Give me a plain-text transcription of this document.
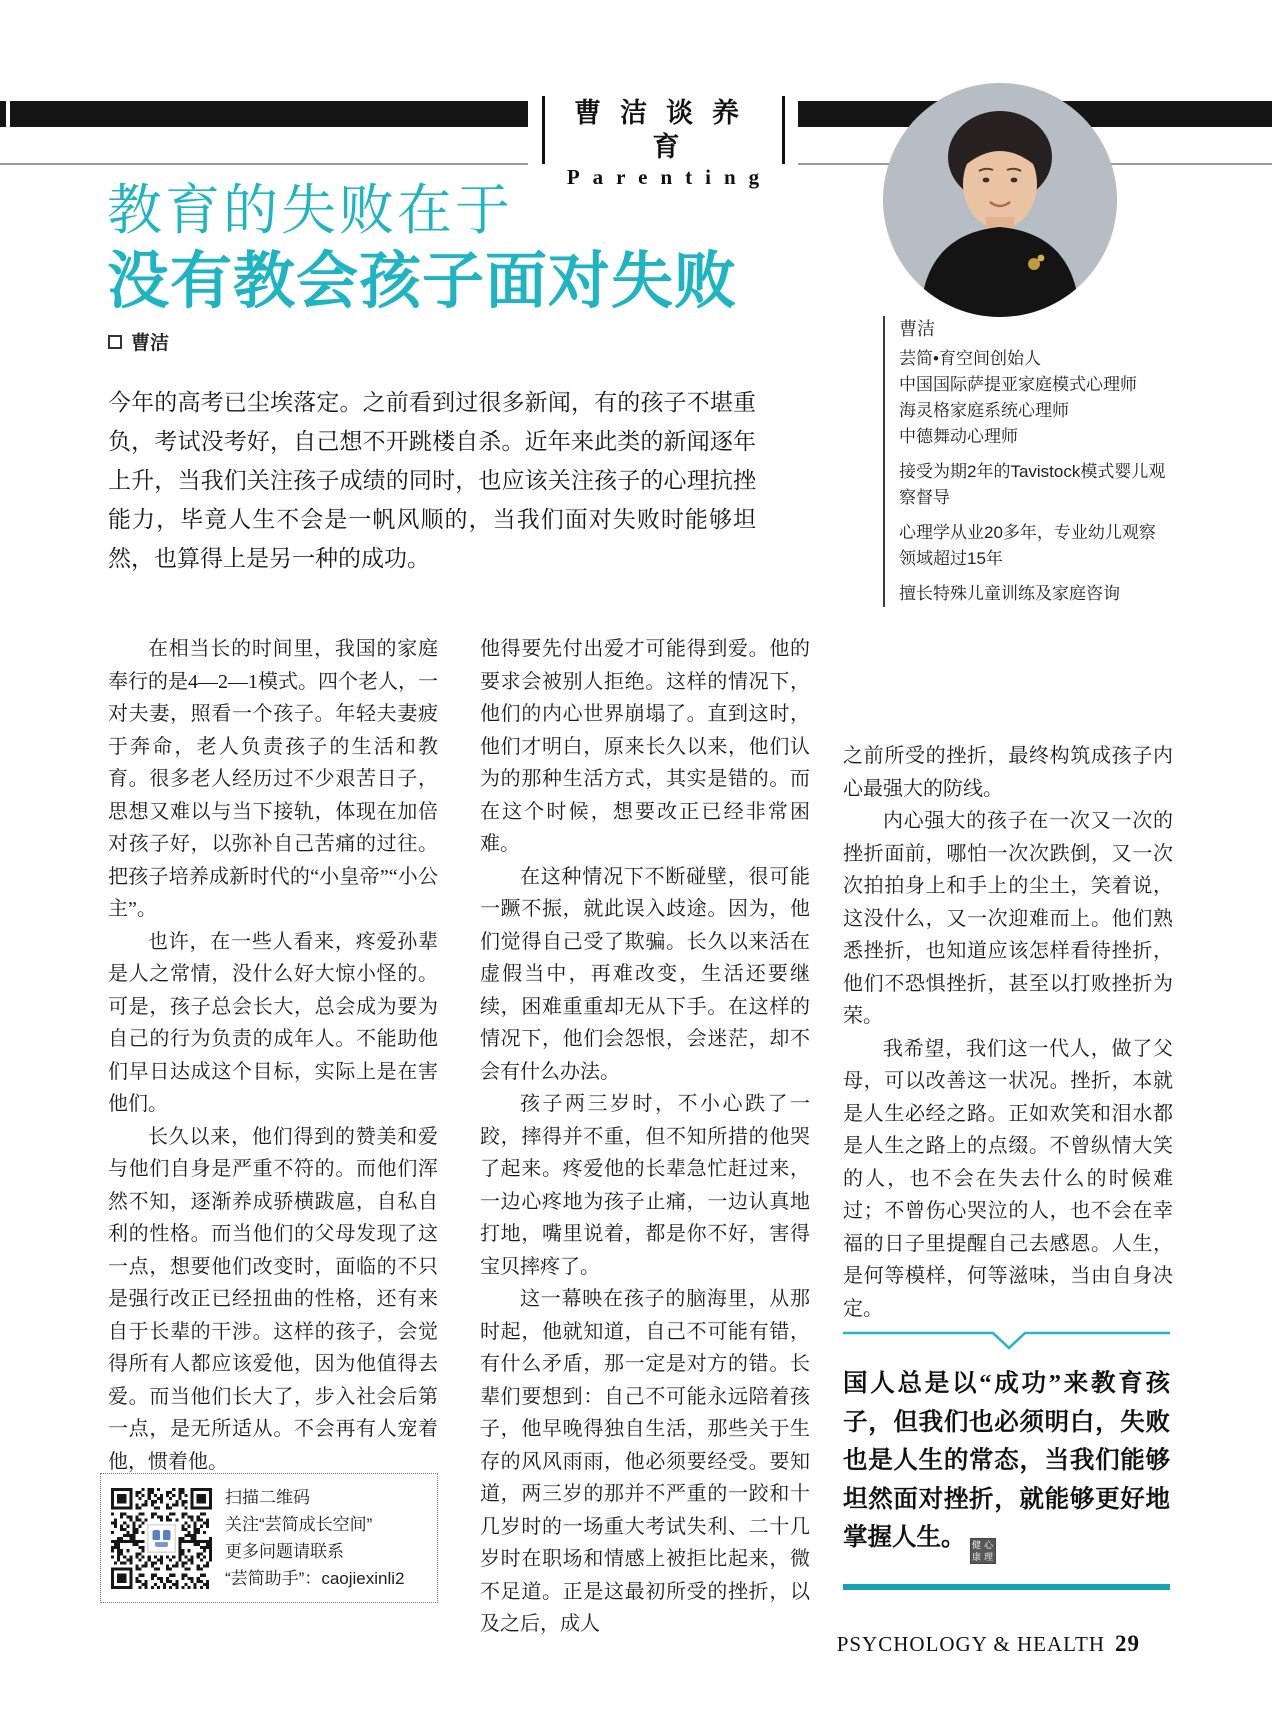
曹洁谈养育
Parenting
教育的失败在于
没有教会孩子面对失败
曹洁
今年的高考已尘埃落定。之前看到过很多新闻，有的孩子不堪重负，考试没考好，自己想不开跳楼自杀。近年来此类的新闻逐年上升，当我们关注孩子成绩的同时，也应该关注孩子的心理抗挫能力，毕竟人生不会是一帆风顺的，当我们面对失败时能够坦然，也算得上是另一种的成功。

曹洁

芸简•育空间创始人

中国国际萨提亚家庭模式心理师

海灵格家庭系统心理师

中德舞动心理师

接受为期2年的Tavistock模式婴儿观察督导

心理学从业20多年，专业幼儿观察领域超过15年

擅长特殊儿童训练及家庭咨询

在相当长的时间里，我国的家庭奉行的是4—2—1模式。四个老人，一对夫妻，照看一个孩子。年轻夫妻疲于奔命，老人负责孩子的生活和教育。很多老人经历过不少艰苦日子，思想又难以与当下接轨，体现在加倍对孩子好，以弥补自己苦痛的过往。把孩子培养成新时代的“小皇帝”“小公主”。

也许，在一些人看来，疼爱孙辈是人之常情，没什么好大惊小怪的。可是，孩子总会长大，总会成为要为自己的行为负责的成年人。不能助他们早日达成这个目标，实际上是在害他们。

长久以来，他们得到的赞美和爱与他们自身是严重不符的。而他们浑然不知，逐渐养成骄横跋扈，自私自利的性格。而当他们的父母发现了这一点，想要他们改变时，面临的不只是强行改正已经扭曲的性格，还有来自于长辈的干涉。这样的孩子，会觉得所有人都应该爱他，因为他值得去爱。而当他们长大了，步入社会后第一点，是无所适从。不会再有人宠着他，惯着他。

他得要先付出爱才可能得到爱。他的要求会被别人拒绝。这样的情况下，他们的内心世界崩塌了。直到这时，他们才明白，原来长久以来，他们认为的那种生活方式，其实是错的。而在这个时候，想要改正已经非常困难。

在这种情况下不断碰壁，很可能一蹶不振，就此误入歧途。因为，他们觉得自己受了欺骗。长久以来活在虚假当中，再难改变，生活还要继续，困难重重却无从下手。在这样的情况下，他们会怨恨，会迷茫，却不会有什么办法。

孩子两三岁时，不小心跌了一跤，摔得并不重，但不知所措的他哭了起来。疼爱他的长辈急忙赶过来，一边心疼地为孩子止痛，一边认真地打地，嘴里说着，都是你不好，害得宝贝摔疼了。

这一幕映在孩子的脑海里，从那时起，他就知道，自己不可能有错，有什么矛盾，那一定是对方的错。长辈们要想到：自己不可能永远陪着孩子，他早晚得独自生活，那些关于生存的风风雨雨，他必须要经受。要知道，两三岁的那并不严重的一跤和十几岁时的一场重大考试失利、二十几岁时在职场和情感上被拒比起来，微不足道。正是这最初所受的挫折，以及之后，成人

之前所受的挫折，最终构筑成孩子内心最强大的防线。

内心强大的孩子在一次又一次的挫折面前，哪怕一次次跌倒，又一次次拍拍身上和手上的尘土，笑着说，这没什么，又一次迎难而上。他们熟悉挫折，也知道应该怎样看待挫折，他们不恐惧挫折，甚至以打败挫折为荣。

我希望，我们这一代人，做了父母，可以改善这一状况。挫折，本就是人生必经之路。正如欢笑和泪水都是人生之路上的点缀。不曾纵情大笑的人，也不会在失去什么的时候难过；不曾伤心哭泣的人，也不会在幸福的日子里提醒自己去感恩。人生，是何等模样，何等滋味，当由自身决定。

扫描二维码
关注“芸简成长空间”
更多问题请联系
“芸简助手”：caojiexinli2
国人总是以“成功”来教育孩子，但我们也必须明白，失败也是人生的常态，当我们能够坦然面对挫折，就能够更好地掌握人生。 健 心
康 理
PSYCHOLOGY & HEALTH 29
